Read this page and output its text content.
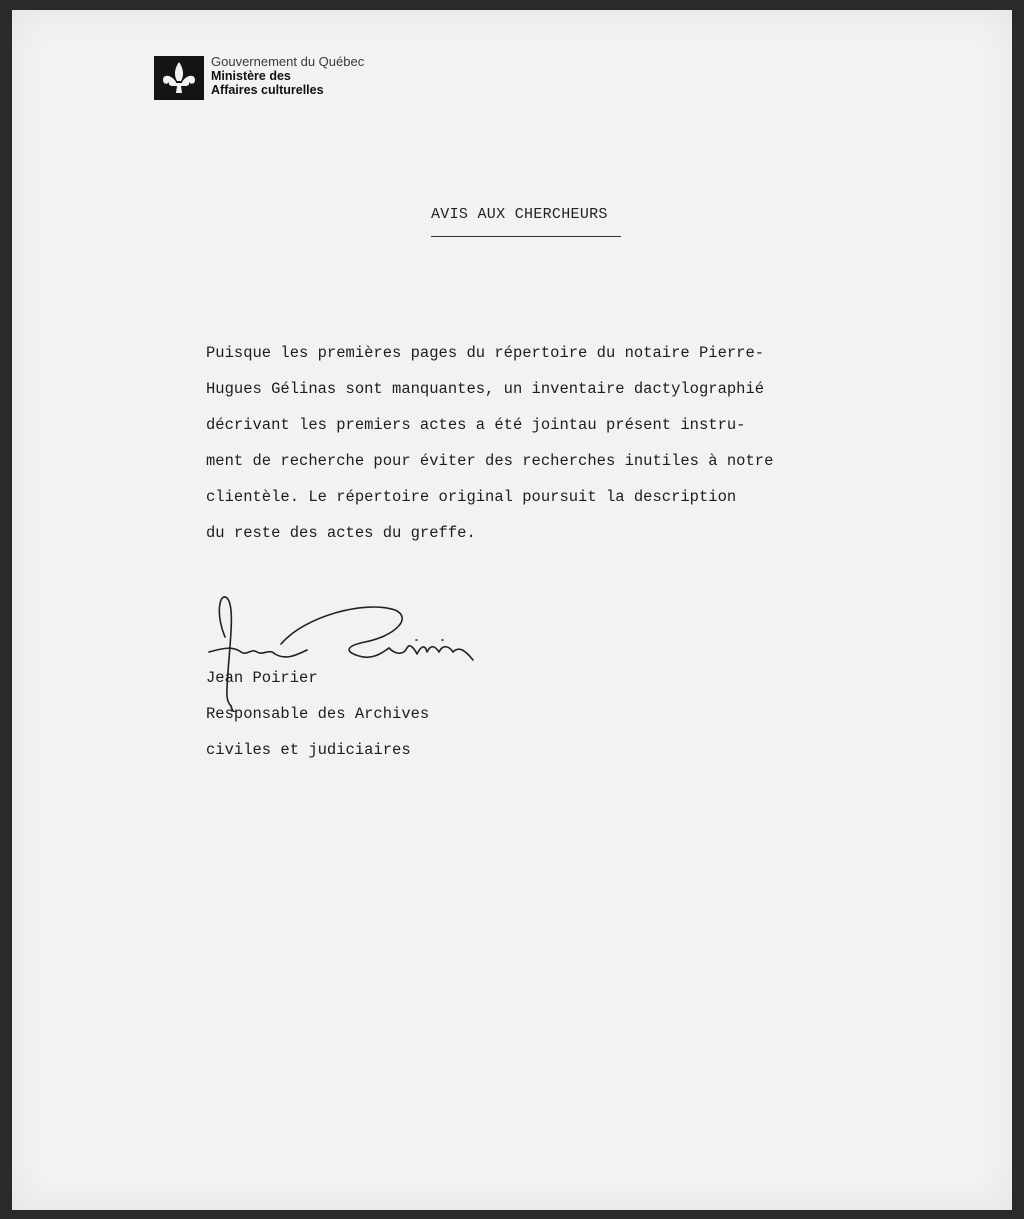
Gouvernement du Québec
Ministère des
Affaires culturelles
AVIS AUX CHERCHEURS
Puisque les premières pages du répertoire du notaire Pierre-
Hugues Gélinas sont manquantes, un inventaire dactylographié
décrivant les premiers actes a été jointau présent instru-
ment de recherche pour éviter des recherches inutiles à notre
clientèle. Le répertoire original poursuit la description
du reste des actes du greffe.
Jean Poirier
Responsable des Archives
civiles et judiciaires
